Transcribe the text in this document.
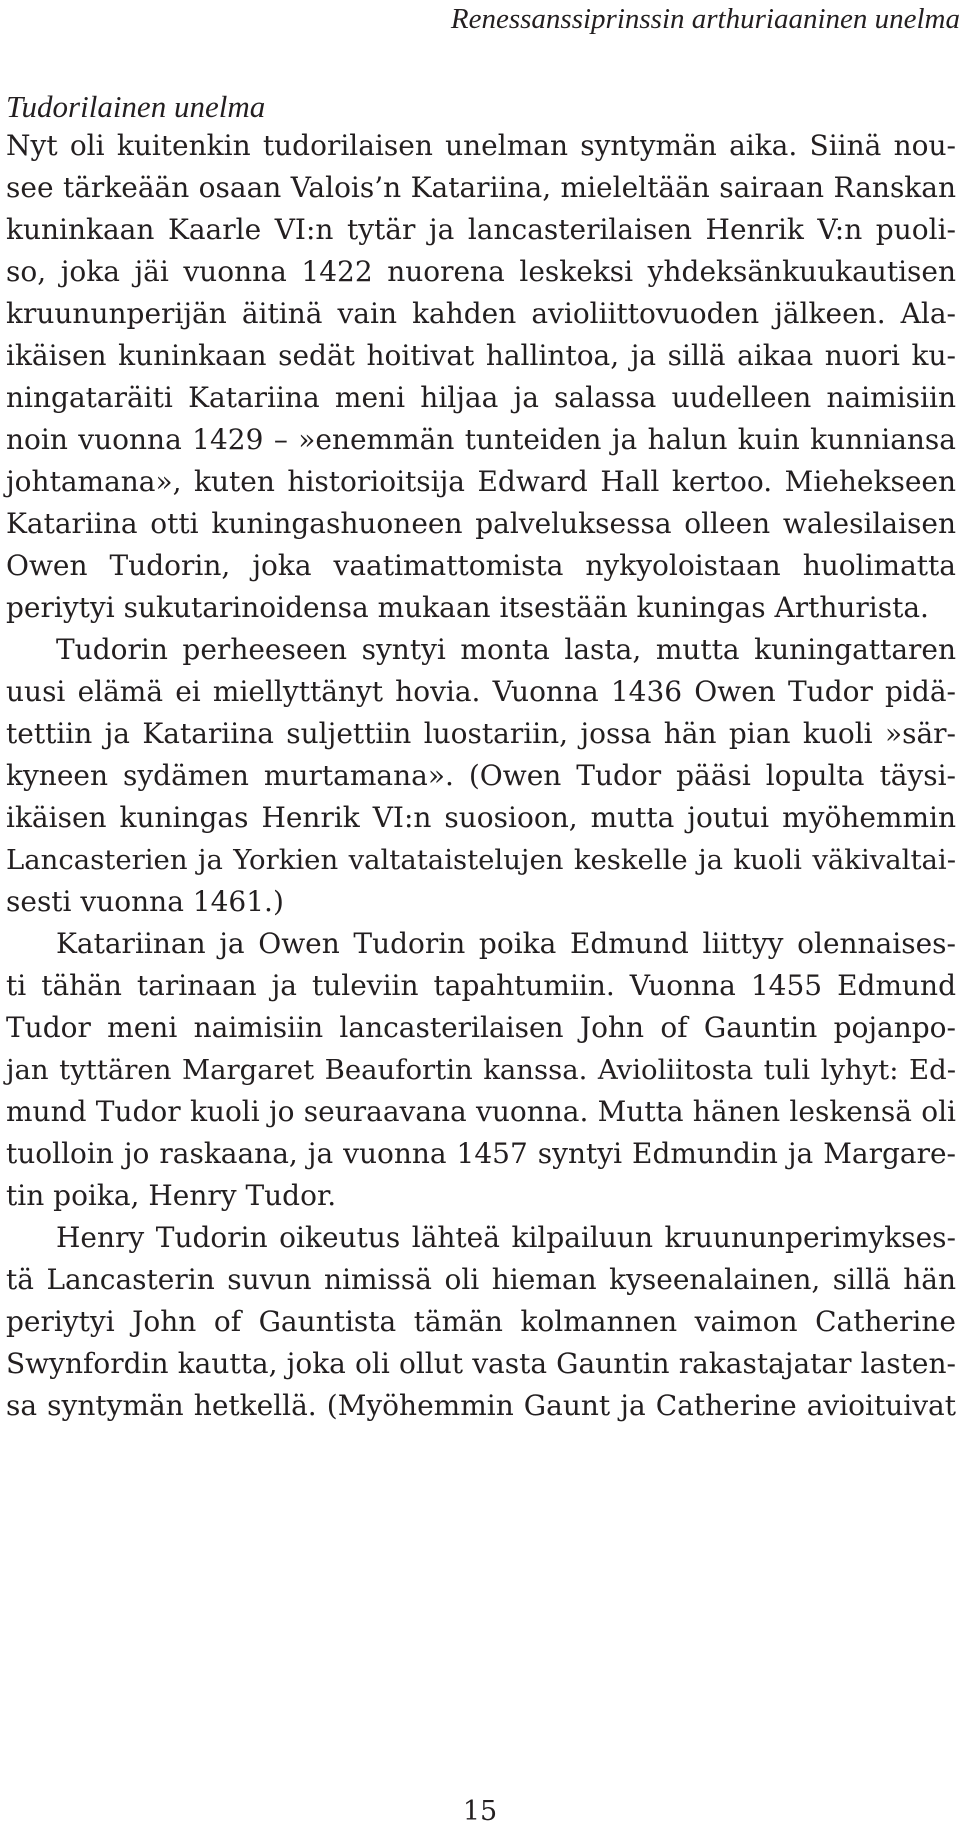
Renessanssiprinssin arthuriaaninen unelma
Tudorilainen unelma
Nyt oli kuitenkin tudorilaisen unelman syntymän aika. Siinä nou-
see tärkeään osaan Valois’n Katariina, mieleltään sairaan Ranskan
kuninkaan Kaarle VI:n tytär ja lancasterilaisen Henrik V:n puoli-
so, joka jäi vuonna 1422 nuorena leskeksi yhdeksänkuukautisen
kruununperijän äitinä vain kahden avioliittovuoden jälkeen. Ala-
ikäisen kuninkaan sedät hoitivat hallintoa, ja sillä aikaa nuori ku-
ningataräiti Katariina meni hiljaa ja salassa uudelleen naimisiin
noin vuonna 1429 – »enemmän tunteiden ja halun kuin kunniansa
johtamana», kuten historioitsija Edward Hall kertoo. Miehekseen
Katariina otti kuningashuoneen palveluksessa olleen walesilaisen
Owen Tudorin, joka vaatimattomista nykyoloistaan huolimatta
periytyi sukutarinoidensa mukaan itsestään kuningas Arthurista.
Tudorin perheeseen syntyi monta lasta, mutta kuningattaren
uusi elämä ei miellyttänyt hovia. Vuonna 1436 Owen Tudor pidä-
tettiin ja Katariina suljettiin luostariin, jossa hän pian kuoli »sär-
kyneen sydämen murtamana». (Owen Tudor pääsi lopulta täysi-
ikäisen kuningas Henrik VI:n suosioon, mutta joutui myöhemmin
Lancasterien ja Yorkien valtataistelujen keskelle ja kuoli väkivaltai-
sesti vuonna 1461.)
Katariinan ja Owen Tudorin poika Edmund liittyy olennaises-
ti tähän tarinaan ja tuleviin tapahtumiin. Vuonna 1455 Edmund
Tudor meni naimisiin lancasterilaisen John of Gauntin pojanpo-
jan tyttären Margaret Beaufortin kanssa. Avioliitosta tuli lyhyt: Ed-
mund Tudor kuoli jo seuraavana vuonna. Mutta hänen leskensä oli
tuolloin jo raskaana, ja vuonna 1457 syntyi Edmundin ja Margare-
tin poika, Henry Tudor.
Henry Tudorin oikeutus lähteä kilpailuun kruununperimykses-
tä Lancasterin suvun nimissä oli hieman kyseenalainen, sillä hän
periytyi John of Gauntista tämän kolmannen vaimon Catherine
Swynfordin kautta, joka oli ollut vasta Gauntin rakastajatar lasten-
sa syntymän hetkellä. (Myöhemmin Gaunt ja Catherine avioituivat
15
